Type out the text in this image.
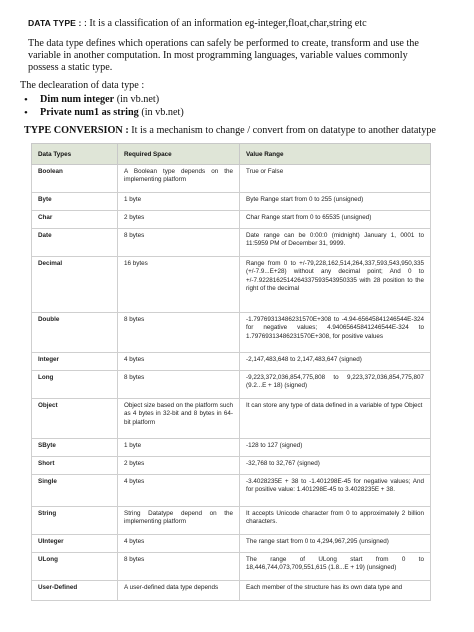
DATA TYPE : : It is a classification of an information eg-integer,float,char,string etc
The data type defines which operations can safely be performed to create, transform and use the variable in another computation. In most programming languages, variable values commonly possess a static type.
The declearation of data type :
• Dim num integer (in vb.net)
• Private num1 as string (in vb.net)
TYPE CONVERSION : It is a mechanism to change / convert from on datatype to another datatype
Data Types	Required Space	Value Range
Boolean	A Boolean type depends on the implementing platform	True or False
Byte	1 byte	Byte Range start from 0 to 255 (unsigned)
Char	2 bytes	Char Range start from 0 to 65535 (unsigned)
Date	8 bytes	Date range can be 0:00:0 (midnight) January 1, 0001 to 11:5959 PM of December 31, 9999.
Decimal	16 bytes	Range from 0 to +/-79,228,162,514,264,337,593,543,950,335 (+/-7.9...E+28) without any decimal point; And 0 to +/-7.9228162514264337593543950335 with 28 position to the right of the decimal
Double	8 bytes	-1.79769313486231570E+308 to -4.94-65645841246544E-324 for negative values; 4.94065645841246544E-324 to 1.79769313486231570E+308, for positive values
Integer	4 bytes	-2,147,483,648 to 2,147,483,647 (signed)
Long	8 bytes	-9,223,372,036,854,775,808 to 9,223,372,036,854,775,807 (9.2...E + 18) (signed)
Object	Object size based on the platform such as 4 bytes in 32-bit and 8 bytes in 64-bit platform	It can store any type of data defined in a variable of type Object
SByte	1 byte	-128 to 127 (signed)
Short	2 bytes	-32,768 to 32,767 (signed)
Single	4 bytes	-3.4028235E + 38 to -1.401298E-45 for negative values; And for positive value: 1.401298E-45 to 3.4028235E + 38.
String	String Datatype depend on the implementing platform	It accepts Unicode character from 0 to approximately 2 billion characters.
UInteger	4 bytes	The range start from 0 to 4,294,967,295 (unsigned)
ULong	8 bytes	The range of ULong start from 0 to 18,446,744,073,709,551,615 (1.8...E + 19) (unsigned)
User-Defined	A user-defined data type depends	Each member of the structure has its own data type and
